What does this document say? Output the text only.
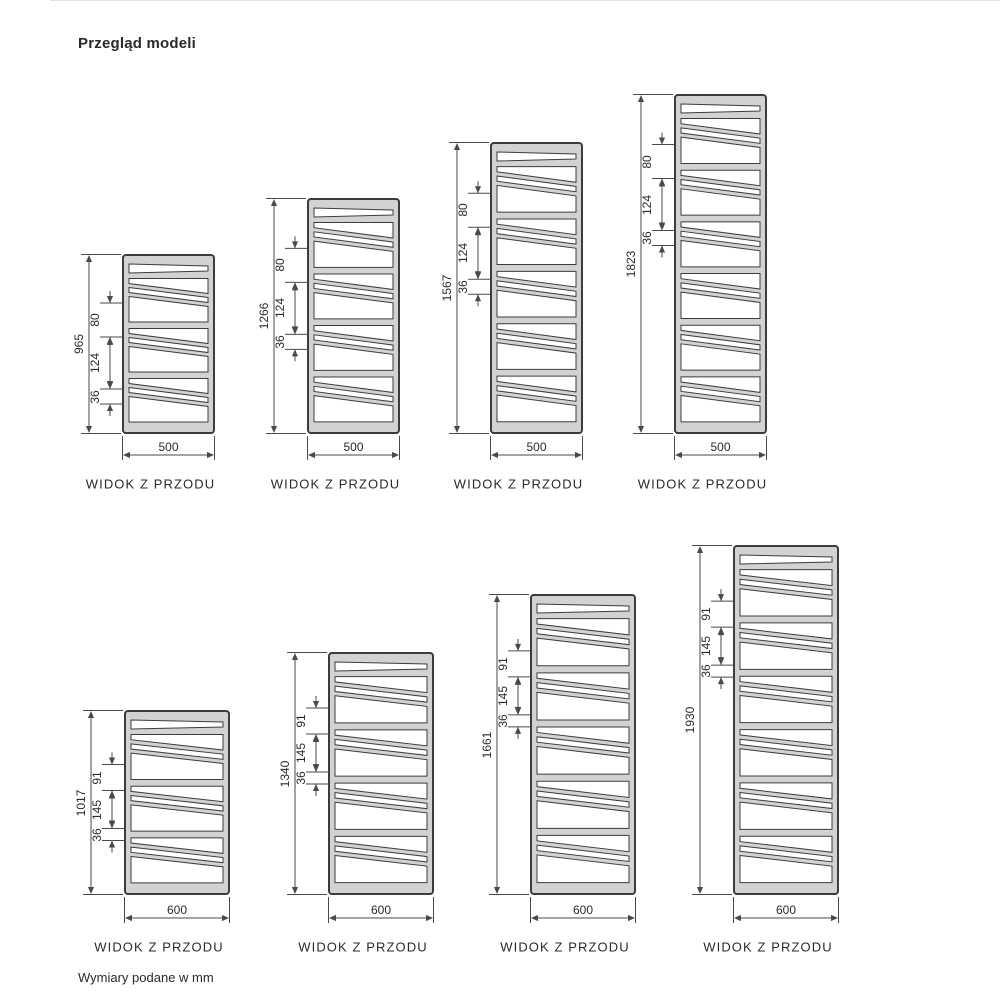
Przegląd modeli
965
500
80
124
36
WIDOK Z PRZODU
1266
500
80
124
36
WIDOK Z PRZODU
1567
500
80
124
36
WIDOK Z PRZODU
1823
500
80
124
36
WIDOK Z PRZODU
1017
600
91
145
36
WIDOK Z PRZODU
1340
600
91
145
36
WIDOK Z PRZODU
1661
600
91
145
36
WIDOK Z PRZODU
1930
600
91
145
36
WIDOK Z PRZODU
Wymiary podane w mm
